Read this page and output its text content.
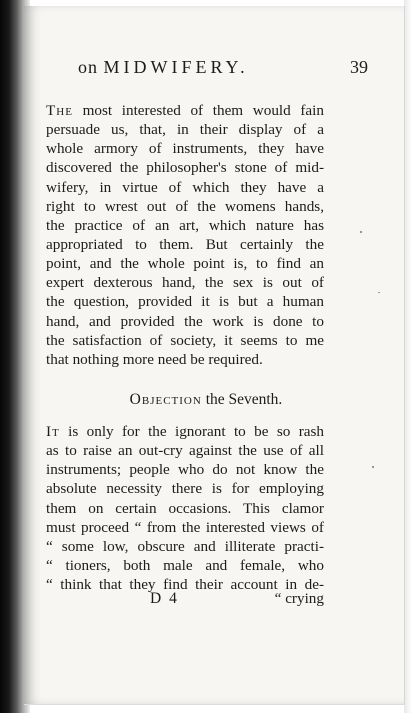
on MIDWIFERY.	39
The most interested of them would fain
persuade us, that, in their display of a
whole armory of instruments, they have
discovered the philosopher's stone of mid-
wifery, in virtue of which they have a
right to wrest out of the womens hands,
the practice of an art, which nature has
appropriated to them. But certainly the
point, and the whole point is, to find an
expert dexterous hand, the sex is out of
the question, provided it is but a human
hand, and provided the work is done to
the satisfaction of society, it seems to me
that nothing more need be required.
Objection the Seventh.
It is only for the ignorant to be so rash
as to raise an out-cry against the use of all
instruments; people who do not know the
absolute necessity there is for employing
them on certain occasions. This clamor
must proceed “ from the interested views of
“ some low, obscure and illiterate practi-
“ tioners, both male and female, who
“ think that they find their account in de-
D 4	“ crying
